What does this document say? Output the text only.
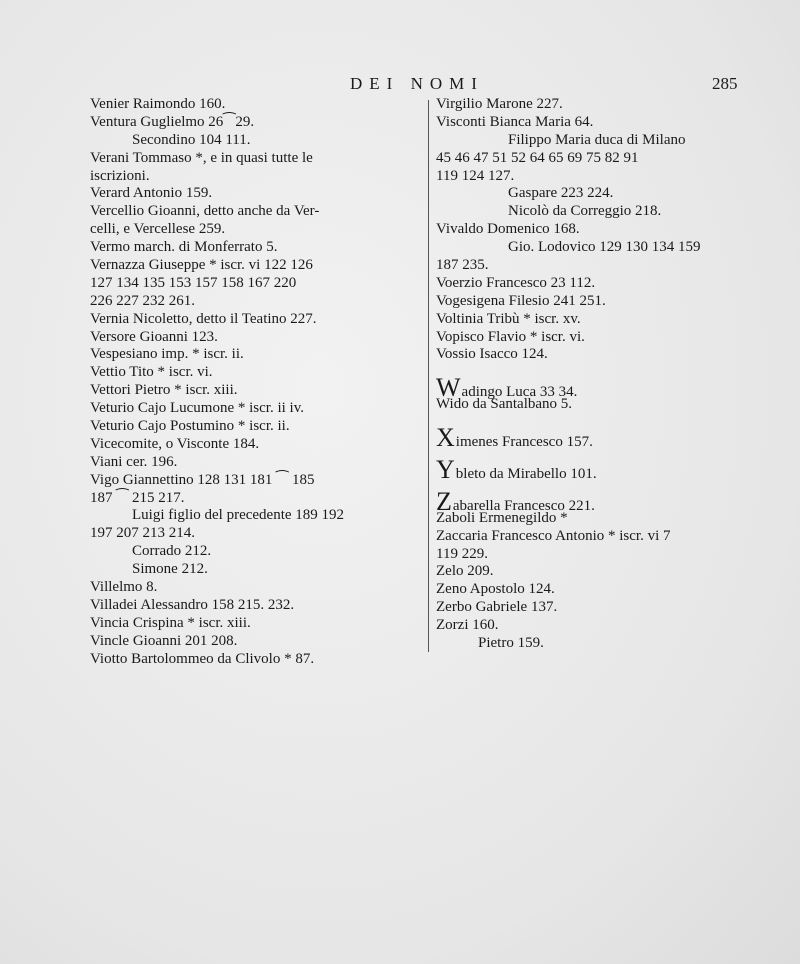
DEI NOMI	285
Venier Raimondo 160.
Ventura Guglielmo 26⁀29.
Secondino 104 111.
Verani Tommaso *, e in quasi tutte le
iscrizioni.
Verard Antonio 159.
Vercellio Gioanni, detto anche da Ver-
celli, e Vercellese 259.
Vermo march. di Monferrato 5.
Vernazza Giuseppe * iscr. vi 122 126
127 134 135 153 157 158 167 220
226 227 232 261.
Vernia Nicoletto, detto il Teatino 227.
Versore Gioanni 123.
Vespesiano imp. * iscr. ii.
Vettio Tito * iscr. vi.
Vettori Pietro * iscr. xiii.
Veturio Cajo Lucumone * iscr. ii iv.
Veturio Cajo Postumino * iscr. ii.
Vicecomite, o Visconte 184.
Viani cer. 196.
Vigo Giannettino 128 131 181 ⁀ 185
187 ⁀ 215 217.
Luigi figlio del precedente 189 192
197 207 213 214.
Corrado 212.
Simone 212.
Villelmo 8.
Villadei Alessandro 158 215. 232.
Vincia Crispina * iscr. xiii.
Vincle Gioanni 201 208.
Viotto Bartolommeo da Clivolo * 87.
Virgilio Marone 227.
Visconti Bianca Maria 64.
Filippo Maria duca di Milano
45 46 47 51 52 64 65 69 75 82 91
119 124 127.
Gaspare 223 224.
Nicolò da Correggio 218.
Vivaldo Domenico 168.
Gio. Lodovico 129 130 134 159
187 235.
Voerzio Francesco 23 112.
Vogesigena Filesio 241 251.
Voltinia Tribù * iscr. xv.
Vopisco Flavio * iscr. vi.
Vossio Isacco 124.
Wadingo Luca 33 34.
Wido da Santalbano 5.
Ximenes Francesco 157.
Ybleto da Mirabello 101.
Zabarella Francesco 221.
Zaboli Ermenegildo *
Zaccaria Francesco Antonio * iscr. vi 7
119 229.
Zelo 209.
Zeno Apostolo 124.
Zerbo Gabriele 137.
Zorzi 160.
Pietro 159.
